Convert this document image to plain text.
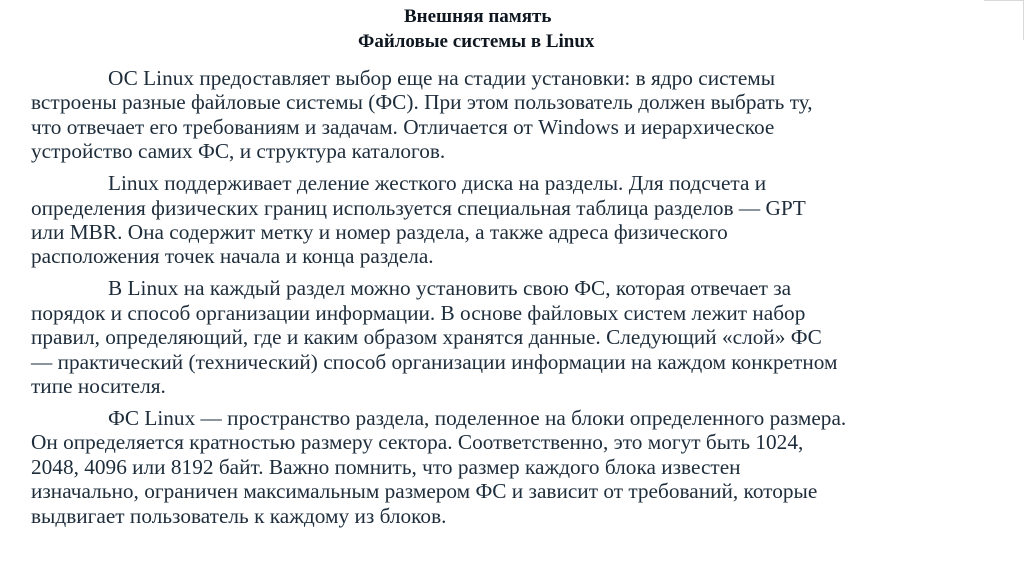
Внешняя память
Файловые системы в Linux

ОС Linux предоставляет выбор еще на стадии установки: в ядро системы
встроены разные файловые системы (ФС). При этом пользователь должен выбрать ту,
что отвечает его требованиям и задачам. Отличается от Windows и иерархическое
устройство самих ФС, и структура каталогов.

Linux поддерживает деление жесткого диска на разделы. Для подсчета и
определения физических границ используется специальная таблица разделов — GPT
или MBR. Она содержит метку и номер раздела, а также адреса физического
расположения точек начала и конца раздела.

В Linux на каждый раздел можно установить свою ФС, которая отвечает за
порядок и способ организации информации. В основе файловых систем лежит набор
правил, определяющий, где и каким образом хранятся данные. Следующий «слой» ФС
— практический (технический) способ организации информации на каждом конкретном
типе носителя.

ФС Linux — пространство раздела, поделенное на блоки определенного размера.
Он определяется кратностью размеру сектора. Соответственно, это могут быть 1024,
2048, 4096 или 8192 байт. Важно помнить, что размер каждого блока известен
изначально, ограничен максимальным размером ФС и зависит от требований, которые
выдвигает пользователь к каждому из блоков.
